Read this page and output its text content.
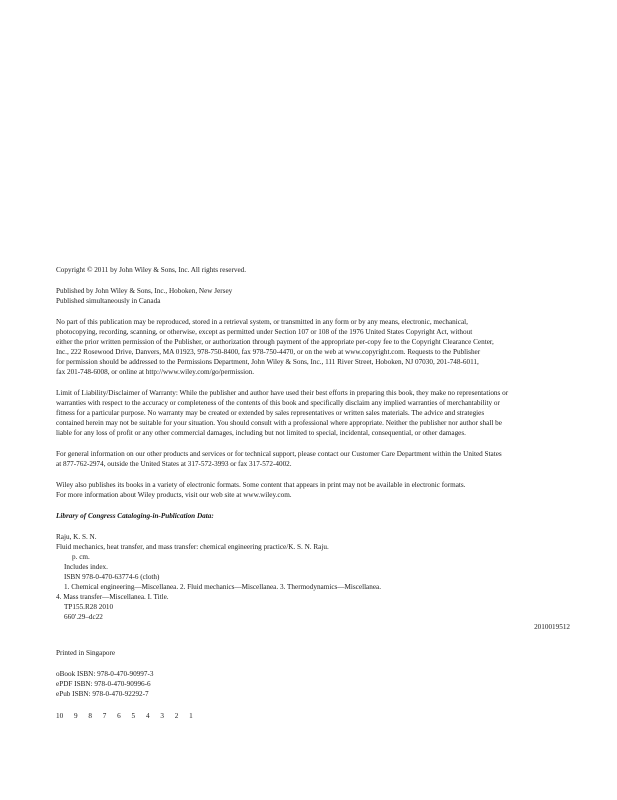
Copyright © 2011 by John Wiley & Sons, Inc. All rights reserved.
Published by John Wiley & Sons, Inc., Hoboken, New Jersey
Published simultaneously in Canada
No part of this publication may be reproduced, stored in a retrieval system, or transmitted in any form or by any means, electronic, mechanical,
photocopying, recording, scanning, or otherwise, except as permitted under Section 107 or 108 of the 1976 United States Copyright Act, without
either the prior written permission of the Publisher, or authorization through payment of the appropriate per-copy fee to the Copyright Clearance Center,
Inc., 222 Rosewood Drive, Danvers, MA 01923, 978-750-8400, fax 978-750-4470, or on the web at www.copyright.com. Requests to the Publisher
for permission should be addressed to the Permissions Department, John Wiley & Sons, Inc., 111 River Street, Hoboken, NJ 07030, 201-748-6011,
fax 201-748-6008, or online at http://www.wiley.com/go/permission.
Limit of Liability/Disclaimer of Warranty: While the publisher and author have used their best efforts in preparing this book, they make no representations or
warranties with respect to the accuracy or completeness of the contents of this book and specifically disclaim any implied warranties of merchantability or
fitness for a particular purpose. No warranty may be created or extended by sales representatives or written sales materials. The advice and strategies
contained herein may not be suitable for your situation. You should consult with a professional where appropriate. Neither the publisher nor author shall be
liable for any loss of profit or any other commercial damages, including but not limited to special, incidental, consequential, or other damages.
For general information on our other products and services or for technical support, please contact our Customer Care Department within the United States
at 877-762-2974, outside the United States at 317-572-3993 or fax 317-572-4002.
Wiley also publishes its books in a variety of electronic formats. Some content that appears in print may not be available in electronic formats.
For more information about Wiley products, visit our web site at www.wiley.com.
Library of Congress Cataloging-in-Publication Data:
Raju, K. S. N.
Fluid mechanics, heat transfer, and mass transfer: chemical engineering practice/K. S. N. Raju.
p. cm.
Includes index.
ISBN 978-0-470-63774-6 (cloth)
1. Chemical engineering—Miscellanea. 2. Fluid mechanics—Miscellanea. 3. Thermodynamics—Miscellanea.
4. Mass transfer—Miscellanea. I. Title.
TP155.R28 2010
660′.29–dc22
2010019512
Printed in Singapore
oBook ISBN: 978-0-470-90997-3
ePDF ISBN: 978-0-470-90996-6
ePub ISBN: 978-0-470-92292-7
10 9 8 7 6 5 4 3 2 1
